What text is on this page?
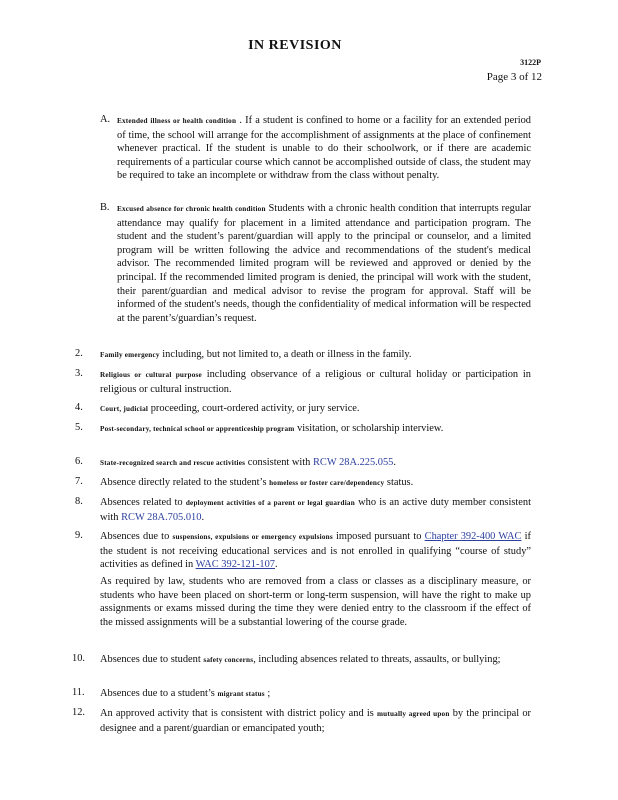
IN REVISION
3122P
Page 3 of 12
A. Extended illness or health condition . If a student is confined to home or a facility for an extended period of time, the school will arrange for the accomplishment of assignments at the place of confinement whenever practical. If the student is unable to do their schoolwork, or if there are academic requirements of a particular course which cannot be accomplished outside of class, the student may be required to take an incomplete or withdraw from the class without penalty.
B. Excused absence for chronic health condition Students with a chronic health condition that interrupts regular attendance may qualify for placement in a limited attendance and participation program. The student and the student’s parent/guardian will apply to the principal or counselor, and a limited program will be written following the advice and recommendations of the student's medical advisor. The recommended limited program will be reviewed and approved or denied by the principal. If the recommended limited program is denied, the principal will work with the student, their parent/guardian and medical advisor to revise the program for approval. Staff will be informed of the student's needs, though the confidentiality of medical information will be respected at the parent’s/guardian’s request.
2. Family emergency including, but not limited to, a death or illness in the family.
3. Religious or cultural purpose including observance of a religious or cultural holiday or participation in religious or cultural instruction.
4. Court, judicial proceeding, court-ordered activity, or jury service.
5. Post-secondary, technical school or apprenticeship program visitation, or scholarship interview.
6. State-recognized search and rescue activities consistent with RCW 28A.225.055.
7. Absence directly related to the student’s homeless or foster care/dependency status.
8. Absences related to deployment activities of a parent or legal guardian who is an active duty member consistent with RCW 28A.705.010.
9. Absences due to suspensions, expulsions or emergency expulsions imposed pursuant to Chapter 392-400 WAC if the student is not receiving educational services and is not enrolled in qualifying “course of study” activities as defined in WAC 392-121-107.
As required by law, students who are removed from a class or classes as a disciplinary measure, or students who have been placed on short-term or long-term suspension, will have the right to make up assignments or exams missed during the time they were denied entry to the classroom if the effect of the missed assignments will be a substantial lowering of the course grade.
10. Absences due to student safety concerns, including absences related to threats, assaults, or bullying;
11. Absences due to a student’s migrant status ;
12. An approved activity that is consistent with district policy and is mutually agreed upon by the principal or designee and a parent/guardian or emancipated youth;
